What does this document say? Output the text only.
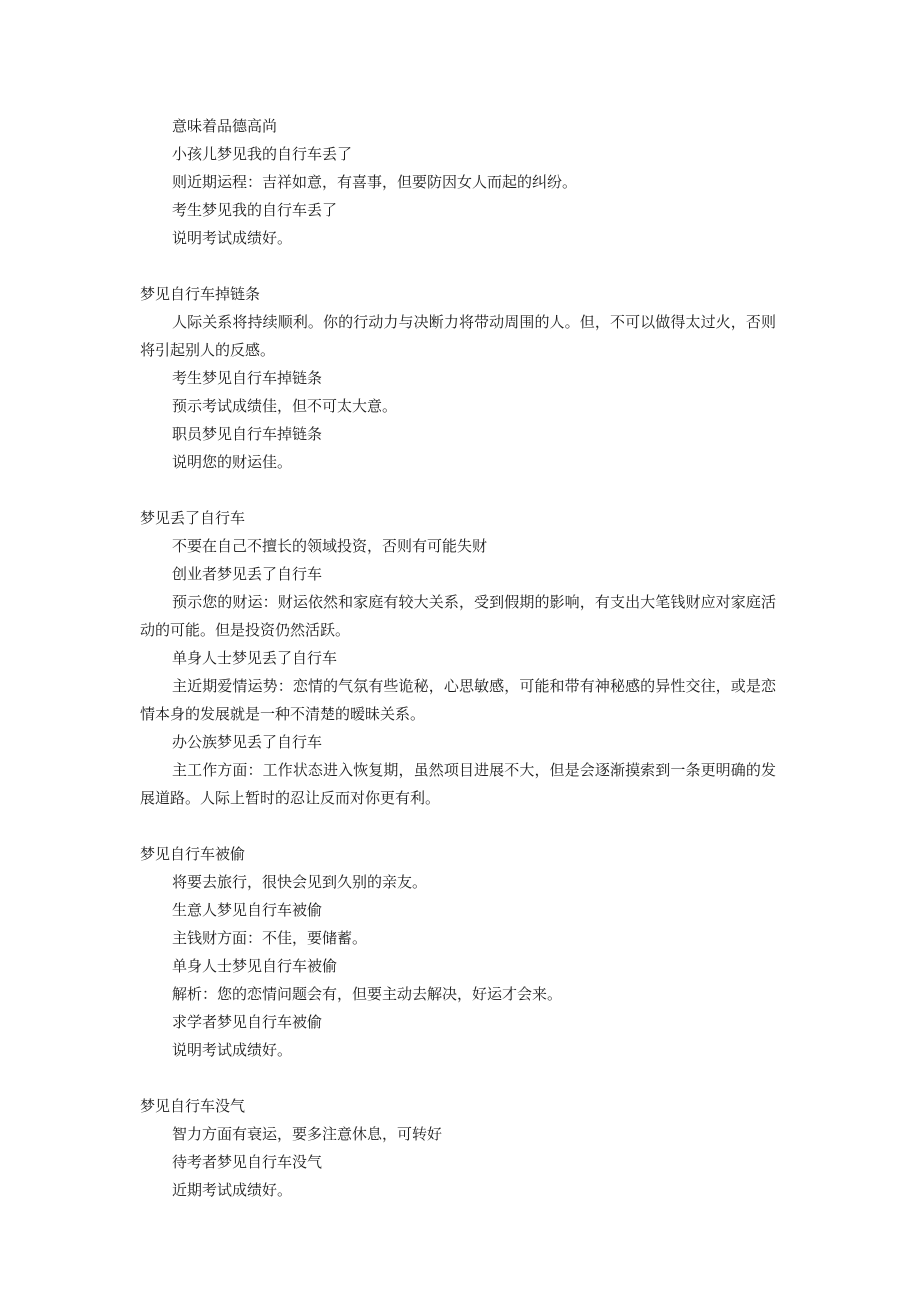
意味着品德高尚

小孩儿梦见我的自行车丢了

则近期运程：吉祥如意，有喜事，但要防因女人而起的纠纷。

考生梦见我的自行车丢了

说明考试成绩好。

梦见自行车掉链条

人际关系将持续顺利。你的行动力与决断力将带动周围的人。但，不可以做得太过火，否则将引起别人的反感。

考生梦见自行车掉链条

预示考试成绩佳，但不可太大意。

职员梦见自行车掉链条

说明您的财运佳。

梦见丢了自行车

不要在自己不擅长的领域投资，否则有可能失财

创业者梦见丢了自行车

预示您的财运：财运依然和家庭有较大关系，受到假期的影响，有支出大笔钱财应对家庭活动的可能。但是投资仍然活跃。

单身人士梦见丢了自行车

主近期爱情运势：恋情的气氛有些诡秘，心思敏感，可能和带有神秘感的异性交往，或是恋情本身的发展就是一种不清楚的暧昧关系。

办公族梦见丢了自行车

主工作方面：工作状态进入恢复期，虽然项目进展不大，但是会逐渐摸索到一条更明确的发展道路。人际上暂时的忍让反而对你更有利。

梦见自行车被偷

将要去旅行，很快会见到久别的亲友。

生意人梦见自行车被偷

主钱财方面：不佳，要储蓄。

单身人士梦见自行车被偷

解析：您的恋情问题会有，但要主动去解决，好运才会来。

求学者梦见自行车被偷

说明考试成绩好。

梦见自行车没气

智力方面有衰运，要多注意休息，可转好

待考者梦见自行车没气

近期考试成绩好。
